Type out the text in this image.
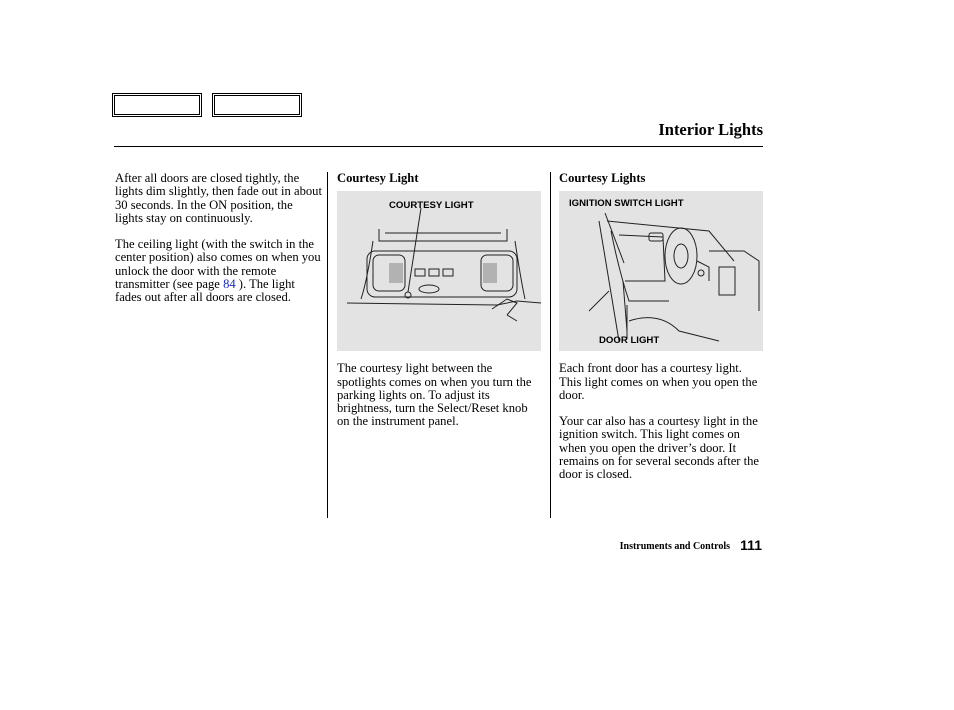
Interior Lights

After all doors are closed tightly, the lights dim slightly, then fade out in about 30 seconds. In the ON position, the lights stay on continuously.

The ceiling light (with the switch in the center position) also comes on when you unlock the door with the remote transmitter (see page 84 ). The light fades out after all doors are closed.

Courtesy Light
COURTESY LIGHT

The courtesy light between the spotlights comes on when you turn the parking lights on. To adjust its brightness, turn the Select/Reset knob on the instrument panel.

Courtesy Lights
IGNITION SWITCH LIGHT
DOOR LIGHT

Each front door has a courtesy light. This light comes on when you open the door.

Your car also has a courtesy light in the ignition switch. This light comes on when you open the driver’s door. It remains on for several seconds after the door is closed.

Instruments and Controls 111
